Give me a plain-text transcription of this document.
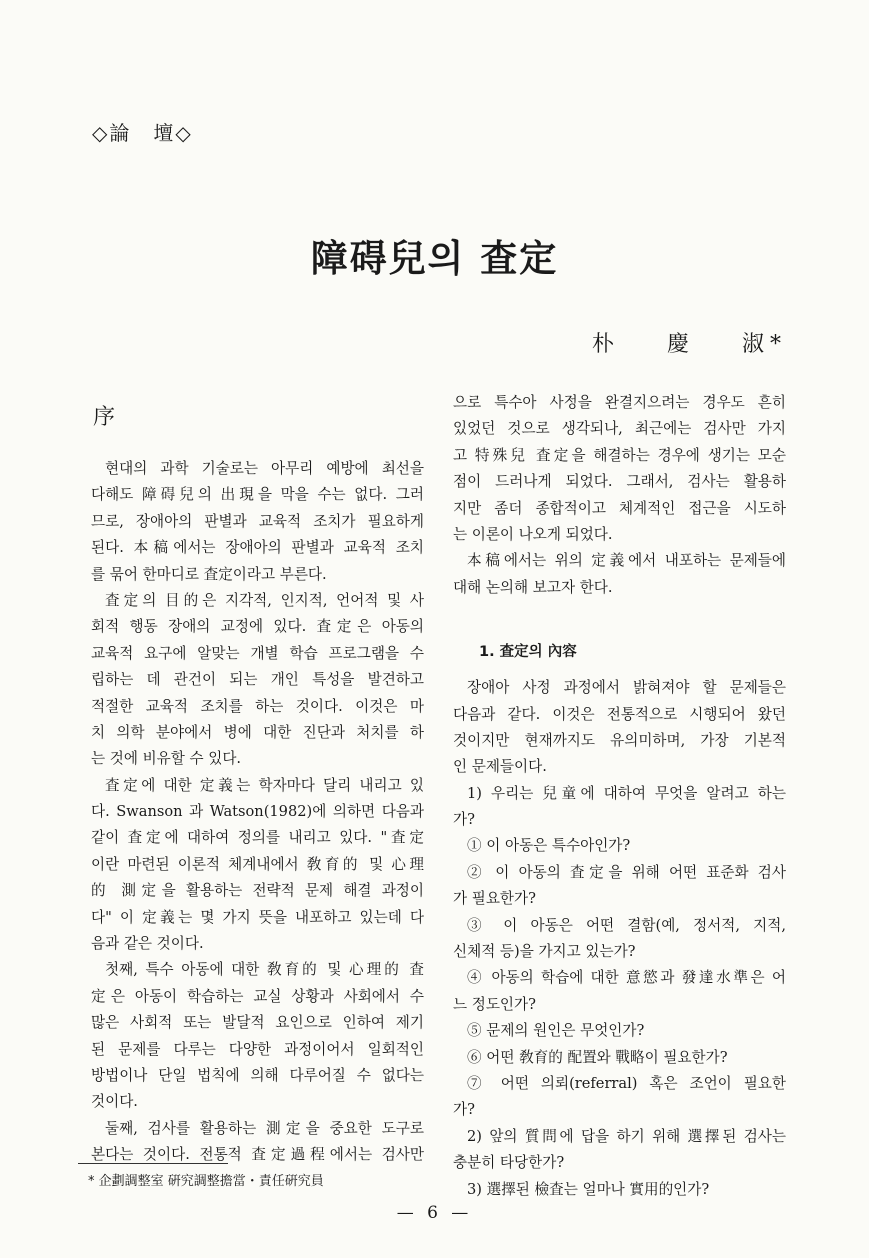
◇論　壇◇
障碍兒의 査定
朴 慶 淑*
序
현대의 과학 기술로는 아무리 예방에 최선을
다해도 障碍兒의 出現을 막을 수는 없다. 그러
므로, 장애아의 판별과 교육적 조치가 필요하게
된다. 本稿에서는 장애아의 판별과 교육적 조치
를 묶어 한마디로 査定이라고 부른다.
査定의 目的은 지각적, 인지적, 언어적 및 사
회적 행동 장애의 교정에 있다. 査定은 아동의
교육적 요구에 알맞는 개별 학습 프로그램을 수
립하는 데 관건이 되는 개인 특성을 발견하고
적절한 교육적 조치를 하는 것이다. 이것은 마
치 의학 분야에서 병에 대한 진단과 처치를 하
는 것에 비유할 수 있다.
査定에 대한 定義는 학자마다 달리 내리고 있
다. Swanson 과 Watson(1982)에 의하면 다음과
같이 査定에 대하여 정의를 내리고 있다. "査定
이란 마련된 이론적 체계내에서 敎育的 및 心理
的 測定을 활용하는 전략적 문제 해결 과정이
다" 이 定義는 몇 가지 뜻을 내포하고 있는데 다
음과 같은 것이다.
첫째, 특수 아동에 대한 敎育的 및 心理的 査
定은 아동이 학습하는 교실 상황과 사회에서 수
많은 사회적 또는 발달적 요인으로 인하여 제기
된 문제를 다루는 다양한 과정이어서 일회적인
방법이나 단일 법칙에 의해 다루어질 수 없다는
것이다.
둘째, 검사를 활용하는 測定을 중요한 도구로
본다는 것이다. 전통적 査定過程에서는 검사만
으로 특수아 사정을 완결지으려는 경우도 흔히
있었던 것으로 생각되나, 최근에는 검사만 가지
고 特殊兒 査定을 해결하는 경우에 생기는 모순
점이 드러나게 되었다. 그래서, 검사는 활용하
지만 좀더 종합적이고 체계적인 접근을 시도하
는 이론이 나오게 되었다.
本稿에서는 위의 定義에서 내포하는 문제들에
대해 논의해 보고자 한다.
1. 査定의 內容
장애아 사정 과정에서 밝혀져야 할 문제들은
다음과 같다. 이것은 전통적으로 시행되어 왔던
것이지만 현재까지도 유의미하며, 가장 기본적
인 문제들이다.
1) 우리는 兒童에 대하여 무엇을 알려고 하는
가?
① 이 아동은 특수아인가?
② 이 아동의 査定을 위해 어떤 표준화 검사
가 필요한가?
③ 이 아동은 어떤 결함(예, 정서적, 지적,
신체적 등)을 가지고 있는가?
④ 아동의 학습에 대한 意慾과 發達水準은 어
느 정도인가?
⑤ 문제의 원인은 무엇인가?
⑥ 어떤 敎育的 配置와 戰略이 필요한가?
⑦ 어떤 의뢰(referral) 혹은 조언이 필요한
가?
2) 앞의 質問에 답을 하기 위해 選擇된 검사는
충분히 타당한가?
3) 選擇된 檢査는 얼마나 實用的인가?
* 企劃調整室 硏究調整擔當・責任硏究員
— 6 —
